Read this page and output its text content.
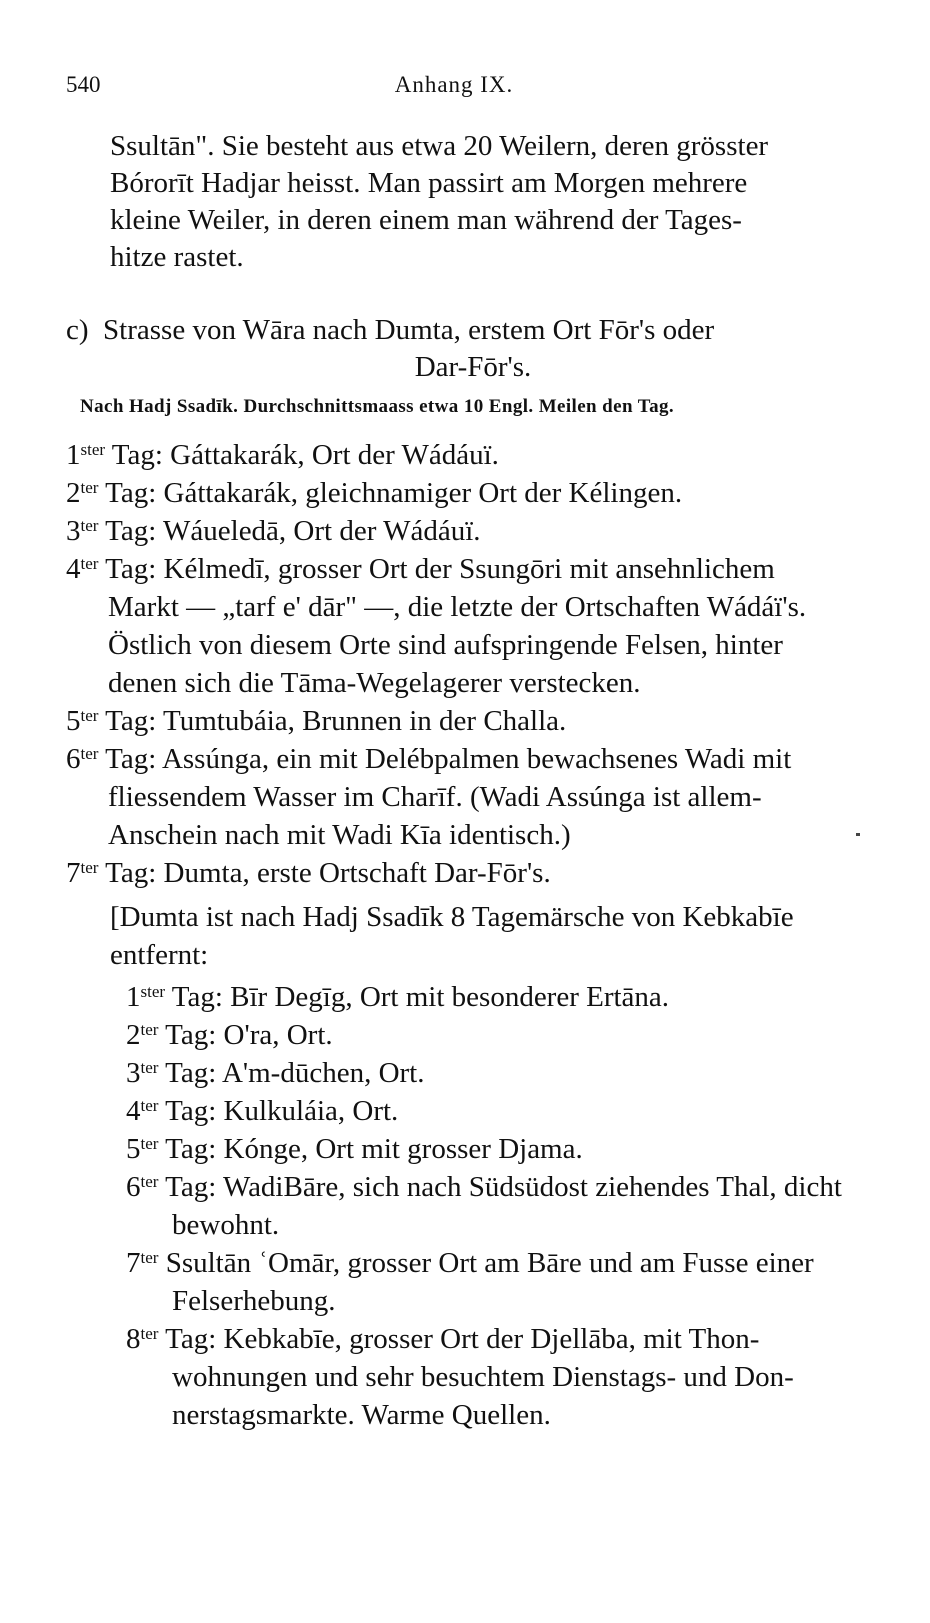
540	Anhang IX.
Ssultān". Sie besteht aus etwa 20 Weilern, deren grösster
Bórorīt Hadjar heisst. Man passirt am Morgen mehrere
kleine Weiler, in deren einem man während der Tages-
hitze rastet.
c) Strasse von Wāra nach Dumta, erstem Ort Fōr's oder
Dar-Fōr's.
Nach Hadj Ssadīk. Durchschnittsmaass etwa 10 Engl. Meilen den Tag.
$1^{ster}$ Tag: Gáttakarák, Ort der Wádáuï.
$2^{ter}$ Tag: Gáttakarák, gleichnamiger Ort der Kélingen.
$3^{ter}$ Tag: Wáueledā, Ort der Wádáuï.
$4^{ter}$ Tag: Kélmedī, grosser Ort der Ssungōri mit ansehnlichem Markt — „tarf e' dār" —, die letzte der Ortschaften Wádáï's. Östlich von diesem Orte sind aufspringende Felsen, hinter denen sich die Tāma-Wegelagerer verstecken.
$5^{ter}$ Tag: Tumtubáia, Brunnen in der Challa.
$6^{ter}$ Tag: Assúnga, ein mit Delébpalmen bewachsenes Wadi mit fliessendem Wasser im Charīf. (Wadi Assúnga ist allem-Anschein nach mit Wadi Kīa identisch.)
$7^{ter}$ Tag: Dumta, erste Ortschaft Dar-Fōr's.
[Dumta ist nach Hadj Ssadīk 8 Tagemärsche von Kebkabīe entfernt:
$1^{ster}$ Tag: Bīr Degīg, Ort mit besonderer Ertāna.
$2^{ter}$ Tag: O'ra, Ort.
$3^{ter}$ Tag: A'm-dūchen, Ort.
$4^{ter}$ Tag: Kulkuláia, Ort.
$5^{ter}$ Tag: Kónge, Ort mit grosser Djama.
$6^{ter}$ Tag: WadiBāre, sich nach Südsüdost ziehendes Thal, dicht bewohnt.
$7^{ter}$ Ssultān ʿOmār, grosser Ort am Bāre und am Fusse einer Felserhebung.
$8^{ter}$ Tag: Kebkabīe, grosser Ort der Djellāba, mit Thonwohnungen und sehr besuchtem Dienstags- und Donnerstagsmarkte. Warme Quellen.
